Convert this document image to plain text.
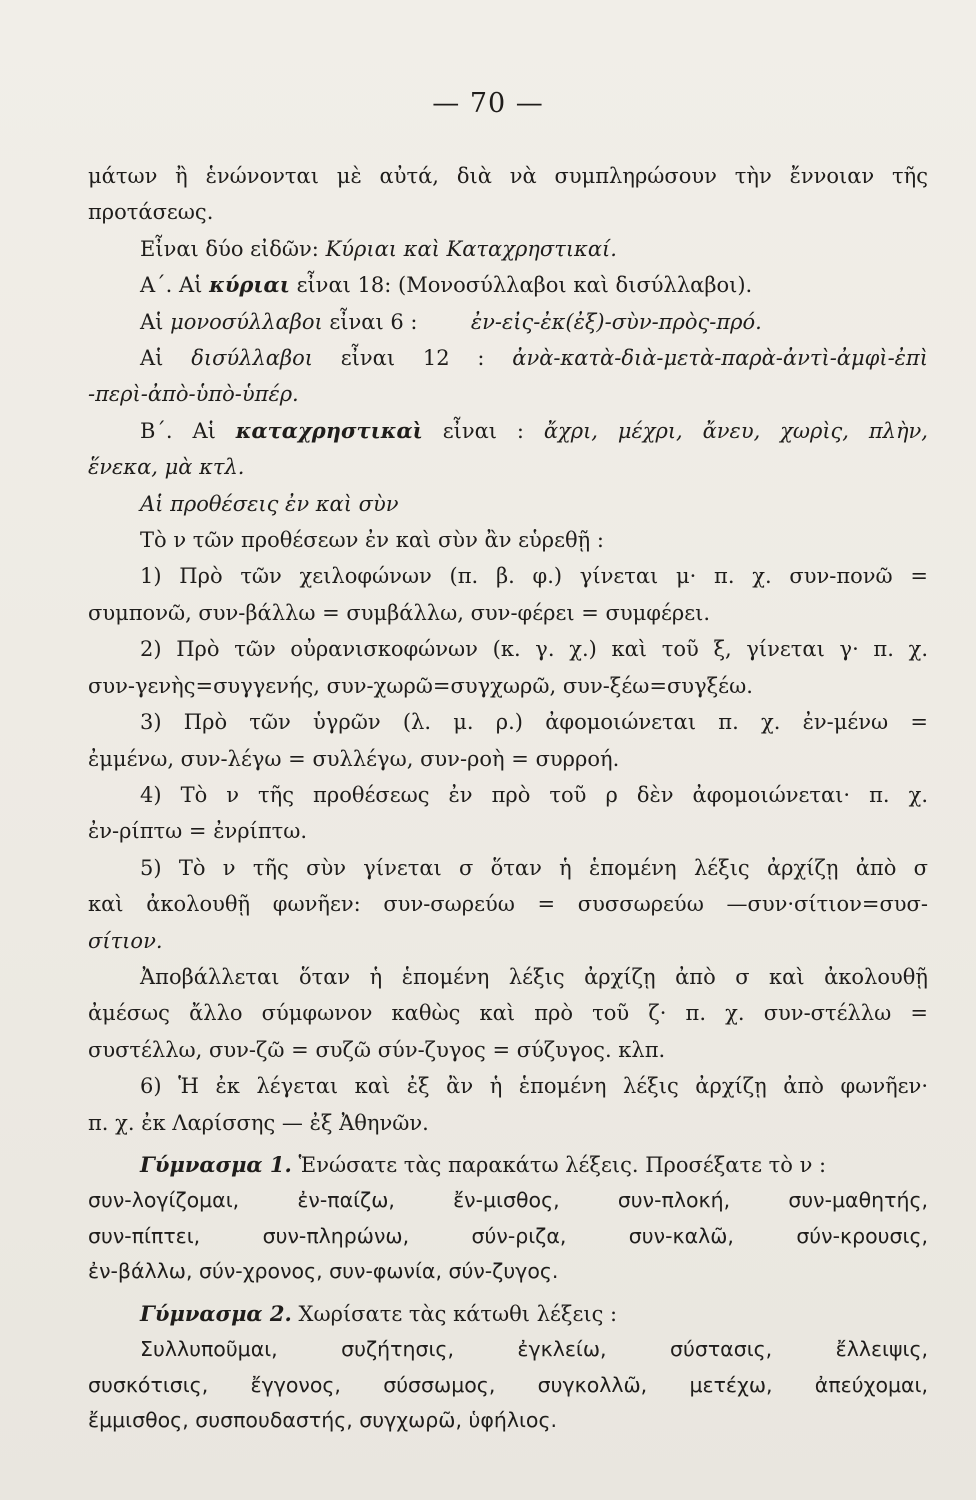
— 70 —

μάτων ἢ ἑνώνονται μὲ αὐτά, διὰ νὰ συμπληρώσουν τὴν ἔννοιαν τῆς

προτάσεως.

Εἶναι δύο εἰδῶν: Κύριαι καὶ Καταχρηστικαί.

Α΄. Αἱ κύριαι εἶναι 18: (Μονοσύλλαβοι καὶ δισύλλαβοι).

Αἱ μονοσύλλαβοι εἶναι 6 :	ἐν-εἰς-ἐκ(ἐξ)-σὺν-πρὸς-πρό.

Αἱ δισύλλαβοι εἶναι 12 : ἀνὰ-κατὰ-διὰ-μετὰ-παρὰ-ἀντὶ-ἀμφὶ-ἐπὶ

-περὶ-ἀπὸ-ὑπὸ-ὑπέρ.

Β΄. Αἱ καταχρηστικαὶ εἶναι : ἄχρι, μέχρι, ἄνευ, χωρὶς, πλὴν,

ἕνεκα, μὰ κτλ.

Αἱ προθέσεις ἐν καὶ σὺν

Τὸ ν τῶν προθέσεων ἐν καὶ σὺν ἂν εὑρεθῇ :

1) Πρὸ τῶν χειλοφώνων (π. β. φ.) γίνεται μ· π. χ. συν-πονῶ =

συμπονῶ, συν-βάλλω = συμβάλλω, συν-φέρει = συμφέρει.

2) Πρὸ τῶν οὐρανισκοφώνων (κ. γ. χ.) καὶ τοῦ ξ, γίνεται γ· π. χ.

συν-γενὴς=συγγενής, συν-χωρῶ=συγχωρῶ, συν-ξέω=συγξέω.

3) Πρὸ τῶν ὑγρῶν (λ. μ. ρ.) ἀφομοιώνεται π. χ. ἐν-μένω =

ἐμμένω, συν-λέγω = συλλέγω, συν-ροὴ = συρροή.

4) Τὸ ν τῆς προθέσεως ἐν πρὸ τοῦ ρ δὲν ἀφομοιώνεται· π. χ.

ἐν-ρίπτω = ἐνρίπτω.

5) Τὸ ν τῆς σὺν γίνεται σ ὅταν ἡ ἑπομένη λέξις ἀρχίζῃ ἀπὸ σ

καὶ ἀκολουθῇ φωνῆεν: συν-σωρεύω = συσσωρεύω —συν·σίτιον=συσ-

σίτιον.

Ἀποβάλλεται ὅταν ἡ ἑπομένη λέξις ἀρχίζῃ ἀπὸ σ καὶ ἀκολουθῇ

ἀμέσως ἄλλο σύμφωνον καθὼς καὶ πρὸ τοῦ ζ· π. χ. συν-στέλλω =

συστέλλω, συν-ζῶ = συζῶ σύν-ζυγος = σύζυγος. κλπ.

6) Ἡ ἐκ λέγεται καὶ ἐξ ἂν ἡ ἑπομένη λέξις ἀρχίζῃ ἀπὸ φωνῆεν·

π. χ. ἐκ Λαρίσσης — ἐξ Ἀθηνῶν.

Γύμνασμα 1. Ἑνώσατε τὰς παρακάτω λέξεις. Προσέξατε τὸ ν :

συν-λογίζομαι, ἐν-παίζω, ἔν-μισθος, συν-πλοκή, συν-μαθητής,

συν-πίπτει, συν-πληρώνω, σύν-ριζα, συν-καλῶ, σύν-κρουσις,

ἐν-βάλλω, σύν-χρονος, συν-φωνία, σύν-ζυγος.

Γύμνασμα 2. Χωρίσατε τὰς κάτωθι λέξεις :

Συλλυποῦμαι, συζήτησις, ἐγκλείω, σύστασις, ἔλλειψις,

συσκότισις, ἔγγονος, σύσσωμος, συγκολλῶ, μετέχω, ἀπεύχομαι,

ἔμμισθος, συσπουδαστής, συγχωρῶ, ὑφήλιος.
